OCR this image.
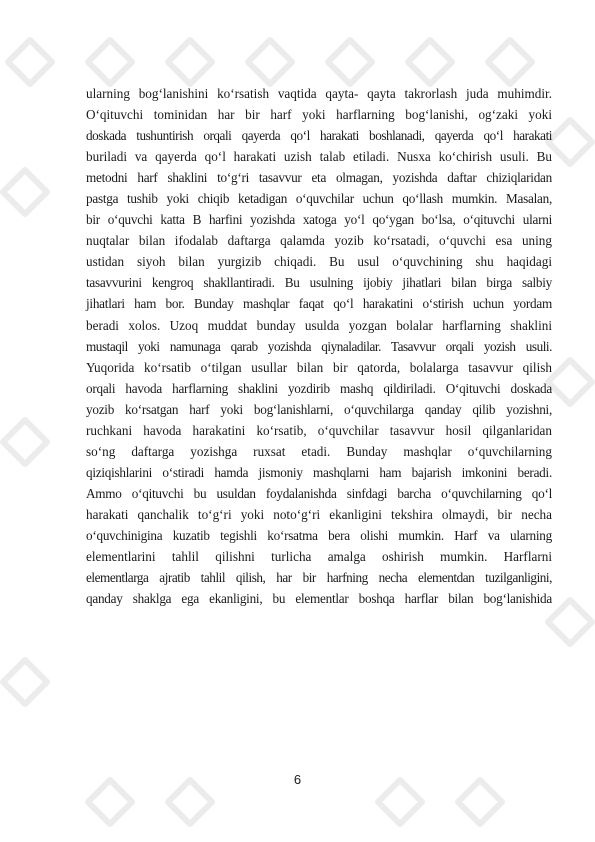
ularning bog‘lanishini ko‘rsatish vaqtida qayta- qayta takrorlash juda muhimdir.
O‘qituvchi tominidan har bir harf yoki harflarning bog‘lanishi, og‘zaki yoki
doskada tushuntirish orqali qayerda qo‘l harakati boshlanadi, qayerda qo‘l harakati
buriladi va qayerda qo‘l harakati uzish talab etiladi. Nusxa ko‘chirish usuli. Bu
metodni harf shaklini to‘g‘ri tasavvur eta olmagan, yozishda daftar chiziqlaridan
pastga tushib yoki chiqib ketadigan o‘quvchilar uchun qo‘llash mumkin. Masalan,
bir o‘quvchi katta B harfini yozishda xatoga yo‘l qo‘ygan bo‘lsa, o‘qituvchi ularni
nuqtalar bilan ifodalab daftarga qalamda yozib ko‘rsatadi, o‘quvchi esa uning
ustidan siyoh bilan yurgizib chiqadi. Bu usul o‘quvchining shu haqidagi
tasavvurini kengroq shakllantiradi. Bu usulning ijobiy jihatlari bilan birga salbiy
jihatlari ham bor. Bunday mashqlar faqat qo‘l harakatini o‘stirish uchun yordam
beradi xolos. Uzoq muddat bunday usulda yozgan bolalar harflarning shaklini
mustaqil yoki namunaga qarab yozishda qiynaladilar. Tasavvur orqali yozish usuli.
Yuqorida ko‘rsatib o‘tilgan usullar bilan bir qatorda, bolalarga tasavvur qilish
orqali havoda harflarning shaklini yozdirib mashq qildiriladi. O‘qituvchi doskada
yozib ko‘rsatgan harf yoki bog‘lanishlarni, o‘quvchilarga qanday qilib yozishni,
ruchkani havoda harakatini ko‘rsatib, o‘quvchilar tasavvur hosil qilganlaridan
so‘ng daftarga yozishga ruxsat etadi. Bunday mashqlar o‘quvchilarning
qiziqishlarini o‘stiradi hamda jismoniy mashqlarni ham bajarish imkonini beradi.
Ammo o‘qituvchi bu usuldan foydalanishda sinfdagi barcha o‘quvchilarning qo‘l
harakati qanchalik to‘g‘ri yoki noto‘g‘ri ekanligini tekshira olmaydi, bir necha
o‘quvchinigina kuzatib tegishli ko‘rsatma bera olishi mumkin. Harf va ularning
elementlarini tahlil qilishni turlicha amalga oshirish mumkin. Harflarni
elementlarga ajratib tahlil qilish, har bir harfning necha elementdan tuzilganligini,
qanday shaklga ega ekanligini, bu elementlar boshqa harflar bilan bog‘lanishida
6
